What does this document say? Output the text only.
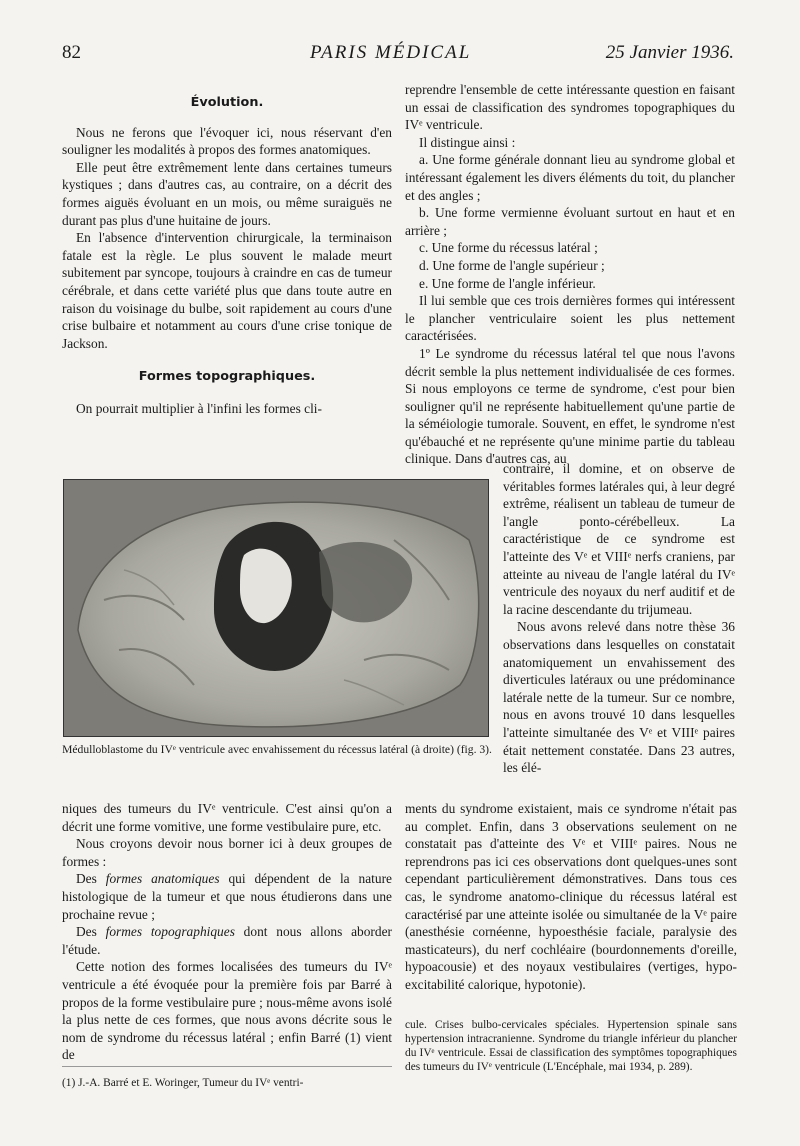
82	PARIS MÉDICAL	25 Janvier 1936.

Évolution.

Nous ne ferons que l'évoquer ici, nous réservant d'en souligner les modalités à propos des formes anatomiques.

Elle peut être extrêmement lente dans certaines tumeurs kystiques ; dans d'autres cas, au contraire, on a décrit des formes aiguës évoluant en un mois, ou même suraiguës ne durant pas plus d'une huitaine de jours.

En l'absence d'intervention chirurgicale, la terminaison fatale est la règle. Le plus souvent le malade meurt subitement par syncope, toujours à craindre en cas de tumeur cérébrale, et dans cette variété plus que dans toute autre en raison du voisinage du bulbe, soit rapidement au cours d'une crise bulbaire et notamment au cours d'une crise tonique de Jackson.

Formes topographiques.

On pourrait multiplier à l'infini les formes cli-

reprendre l'ensemble de cette intéressante question en faisant un essai de classification des syndromes topographiques du IVᵉ ventricule.

Il distingue ainsi :

a. Une forme générale donnant lieu au syndrome global et intéressant également les divers éléments du toit, du plancher et des angles ;

b. Une forme vermienne évoluant surtout en haut et en arrière ;

c. Une forme du récessus latéral ;

d. Une forme de l'angle supérieur ;

e. Une forme de l'angle inférieur.

Il lui semble que ces trois dernières formes qui intéressent le plancher ventriculaire soient les plus nettement caractérisées.

1º Le syndrome du récessus latéral tel que nous l'avons décrit semble la plus nettement individualisée de ces formes. Si nous employons ce terme de syndrome, c'est pour bien souligner qu'il ne représente habituellement qu'une partie de la séméiologie tumorale. Souvent, en effet, le syndrome n'est qu'ébauché et ne représente qu'une minime partie du tableau clinique. Dans d'autres cas, au

contraire, il domine, et on observe de véritables formes latérales qui, à leur degré extrême, réalisent un tableau de tumeur de l'angle ponto-cérébelleux. La caractéristique de ce syndrome est l'atteinte des Vᵉ et VIIIᵉ nerfs craniens, par atteinte au niveau de l'angle latéral du IVᵉ ventricule des noyaux du nerf auditif et de la racine descendante du trijumeau.

Nous avons relevé dans notre thèse 36 observations dans lesquelles on constatait anatomiquement un envahissement des diverticules latéraux ou une prédominance latérale nette de la tumeur. Sur ce nombre, nous en avons trouvé 10 dans lesquelles l'atteinte simultanée des Vᵉ et VIIIᵉ paires était nettement constatée. Dans 23 autres, les élé-

Médulloblastome du IVᵉ ventricule avec envahissement du récessus latéral (à droite) (fig. 3).

niques des tumeurs du IVᵉ ventricule. C'est ainsi qu'on a décrit une forme vomitive, une forme vestibulaire pure, etc.

Nous croyons devoir nous borner ici à deux groupes de formes :

Des formes anatomiques qui dépendent de la nature histologique de la tumeur et que nous étudierons dans une prochaine revue ;

Des formes topographiques dont nous allons aborder l'étude.

Cette notion des formes localisées des tumeurs du IVᵉ ventricule a été évoquée pour la première fois par Barré à propos de la forme vestibulaire pure ; nous-même avons isolé la plus nette de ces formes, que nous avons décrite sous le nom de syndrome du récessus latéral ; enfin Barré (1) vient de

ments du syndrome existaient, mais ce syndrome n'était pas au complet. Enfin, dans 3 observations seulement on ne constatait pas d'atteinte des Vᵉ et VIIIᵉ paires. Nous ne reprendrons pas ici ces observations dont quelques-unes sont cependant particulièrement démonstratives. Dans tous ces cas, le syndrome anatomo-clinique du récessus latéral est caractérisé par une atteinte isolée ou simultanée de la Vᵉ paire (anesthésie cornéenne, hypoesthésie faciale, paralysie des masticateurs), du nerf cochléaire (bourdonnements d'oreille, hypoacousie) et des noyaux vestibulaires (vertiges, hypo-excitabilité calorique, hypotonie).

(1) J.-A. Barré et E. Woringer, Tumeur du IVᵉ ventri-
cule. Crises bulbo-cervicales spéciales. Hypertension spinale sans hypertension intracranienne. Syndrome du triangle inférieur du plancher du IVᵉ ventricule. Essai de classification des symptômes topographiques des tumeurs du IVᵉ ventricule (L'Encéphale, mai 1934, p. 289).
